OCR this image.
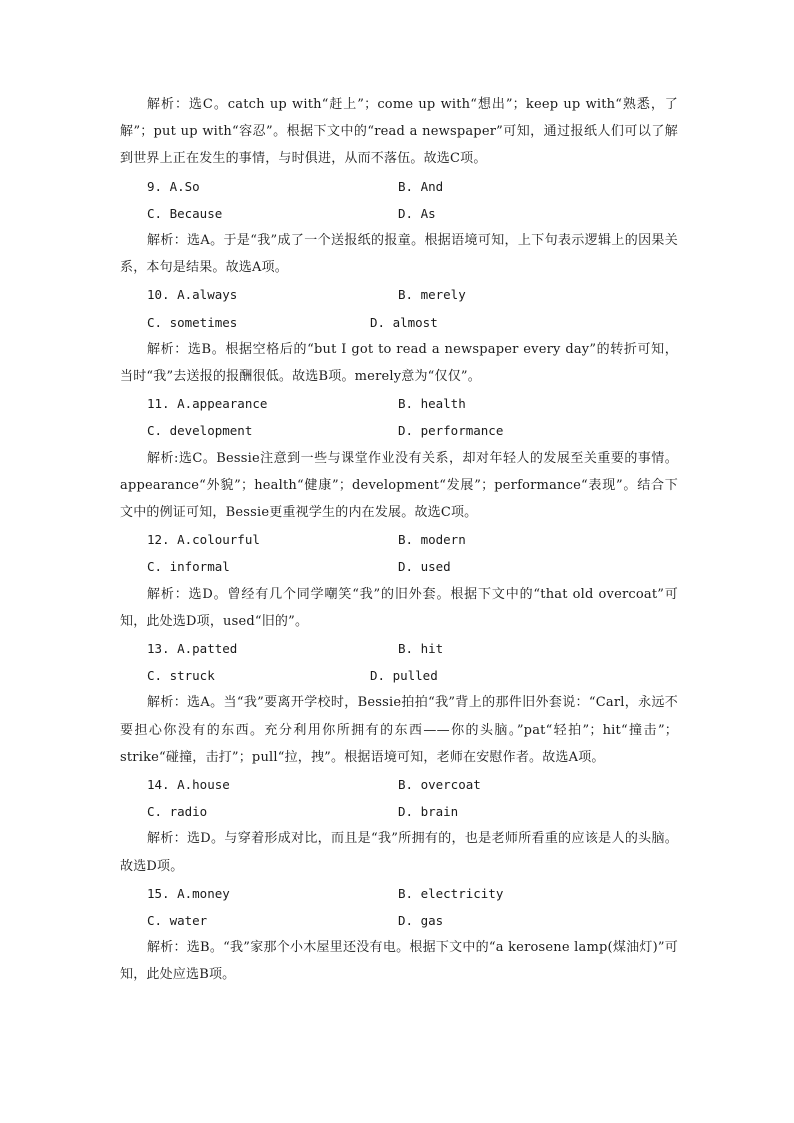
解析：选C。catch up with“赶上”；come up with“想出”；keep up with“熟悉，了解”；put up with“容忍”。根据下文中的“read a newspaper”可知，通过报纸人们可以了解到世界上正在发生的事情，与时俱进，从而不落伍。故选C项。

9. A.So	B. And
C. Because	D. As

解析：选A。于是“我”成了一个送报纸的报童。根据语境可知，上下句表示逻辑上的因果关系，本句是结果。故选A项。

10. A.always	B. merely
C. sometimes	D. almost

解析：选B。根据空格后的“but I got to read a newspaper every day”的转折可知，当时“我”去送报的报酬很低。故选B项。merely意为“仅仅”。

11. A.appearance	B. health
C. development	D. performance

解析:选C。Bessie注意到一些与课堂作业没有关系，却对年轻人的发展至关重要的事情。appearance“外貌”；health“健康”；development“发展”；performance“表现”。结合下文中的例证可知，Bessie更重视学生的内在发展。故选C项。

12. A.colourful	B. modern
C. informal	D. used

解析：选D。曾经有几个同学嘲笑“我”的旧外套。根据下文中的“that old overcoat”可知，此处选D项，used“旧的”。

13. A.patted	B. hit
C. struck	D. pulled

解析：选A。当“我”要离开学校时，Bessie拍拍“我”背上的那件旧外套说：“Carl，永远不要担心你没有的东西。充分利用你所拥有的东西——你的头脑。”pat“轻拍”；hit“撞击”；strike“碰撞，击打”；pull“拉，拽”。根据语境可知，老师在安慰作者。故选A项。

14. A.house	B. overcoat
C. radio	D. brain

解析：选D。与穿着形成对比，而且是“我”所拥有的，也是老师所看重的应该是人的头脑。故选D项。

15. A.money	B. electricity
C. water	D. gas

解析：选B。“我”家那个小木屋里还没有电。根据下文中的“a kerosene lamp(煤油灯)”可知，此处应选B项。
